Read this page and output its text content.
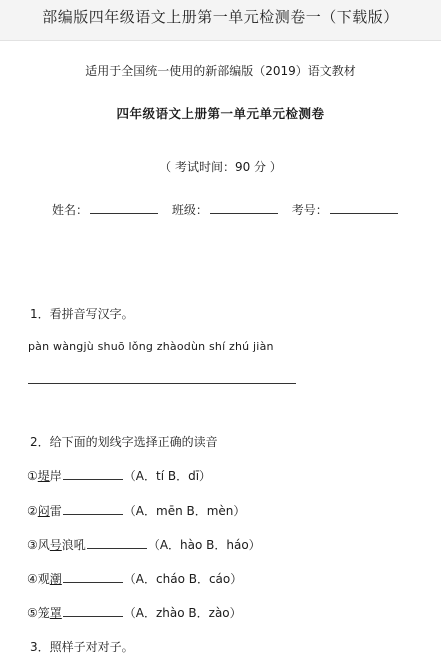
部编版四年级语文上册第一单元检测卷一（下载版）
适用于全国统一使用的新部编版（2019）语文教材
四年级语文上册第一单元单元检测卷
（ 考试时间：90 分 ）
姓名：	班级：	考号：
1．看拼音写汉字。
pàn wàngjù shuō lǒng zhàodùn shí zhú jiàn
2．给下面的划线字选择正确的读音
①堤岸	（A．tí B．dī）
②闷雷	（A．mēn B．mèn）
③风号浪吼	（A．hào B．háo）
④观潮	（A．cháo B．cáo）
⑤笼罩	（A．zhào B．zào）
3．照样子对对子。
